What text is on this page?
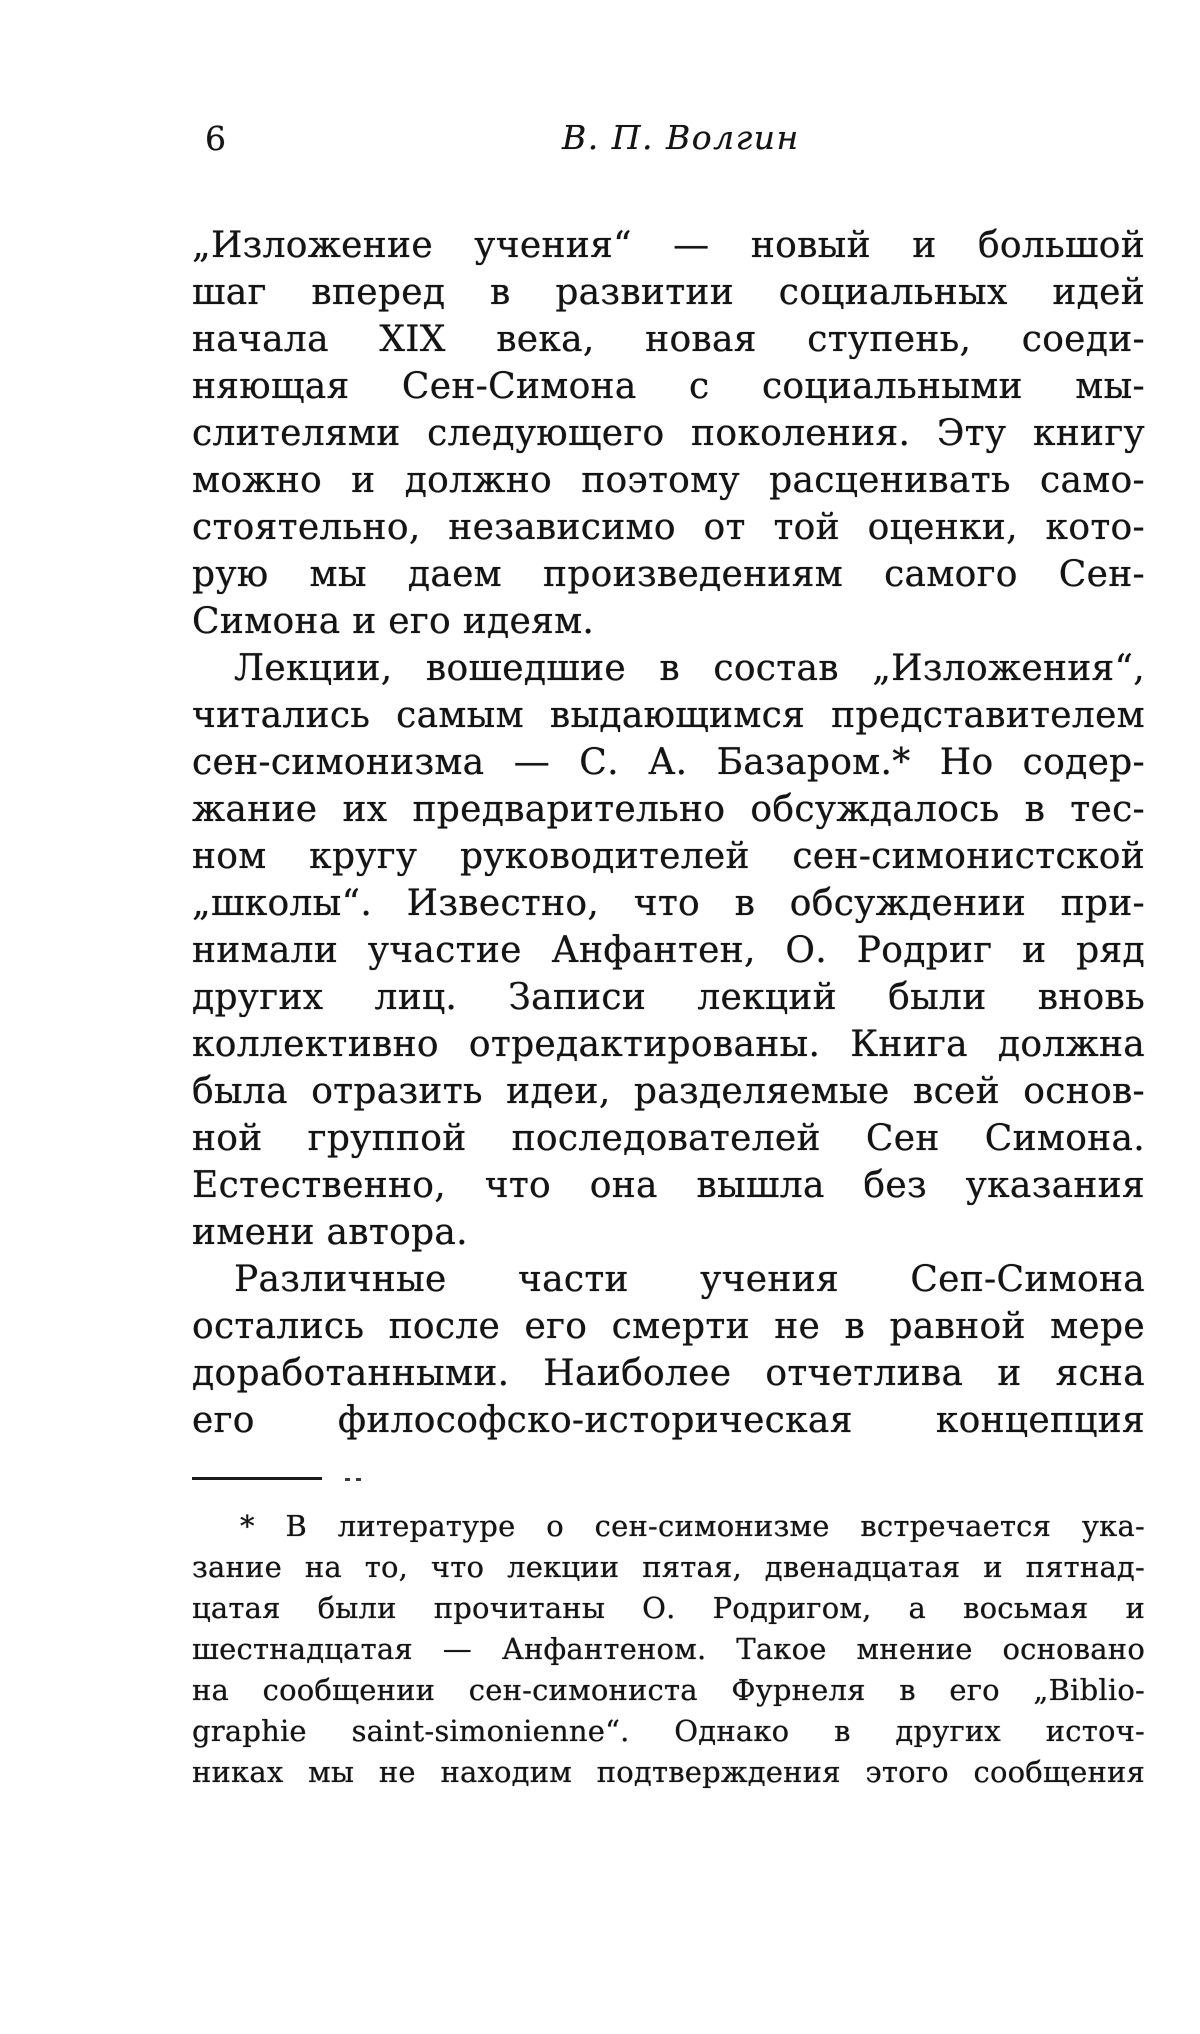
6	В. П. Волгин
„Изложение учения“ — новый и большой
шаг вперед в развитии социальных идей
начала XIX века, новая ступень, соеди-
няющая Сен-Симона с социальными мы-
слителями следующего поколения. Эту книгу
можно и должно поэтому расценивать само-
стоятельно, независимо от той оценки, кото-
рую мы даем произведениям самого Сен-
Симона и его идеям.
Лекции, вошедшие в состав „Изложения“,
читались самым выдающимся представителем
сен-симонизма — С. А. Базаром.* Но содер-
жание их предварительно обсуждалось в тес-
ном кругу руководителей сен-симонистской
„школы“. Известно, что в обсуждении при-
нимали участие Анфантен, О. Родриг и ряд
других лиц. Записи лекций были вновь
коллективно отредактированы. Книга должна
была отразить идеи, разделяемые всей основ-
ной группой последователей Сен Симона.
Естественно, что она вышла без указания
имени автора.
Различные части учения Сеп-Симона
остались после его смерти не в равной мере
доработанными. Наиболее отчетлива и ясна
его философско-историческая концепция
* В литературе о сен-симонизме встречается ука-
зание на то, что лекции пятая, двенадцатая и пятнад-
цатая были прочитаны О. Родригом, а восьмая и
шестнадцатая — Анфантеном. Такое мнение основано
на сообщении сен-симониста Фурнеля в его „Biblio-
graphie saint-simonienne“. Однако в других источ-
никах мы не находим подтверждения этого сообщения
